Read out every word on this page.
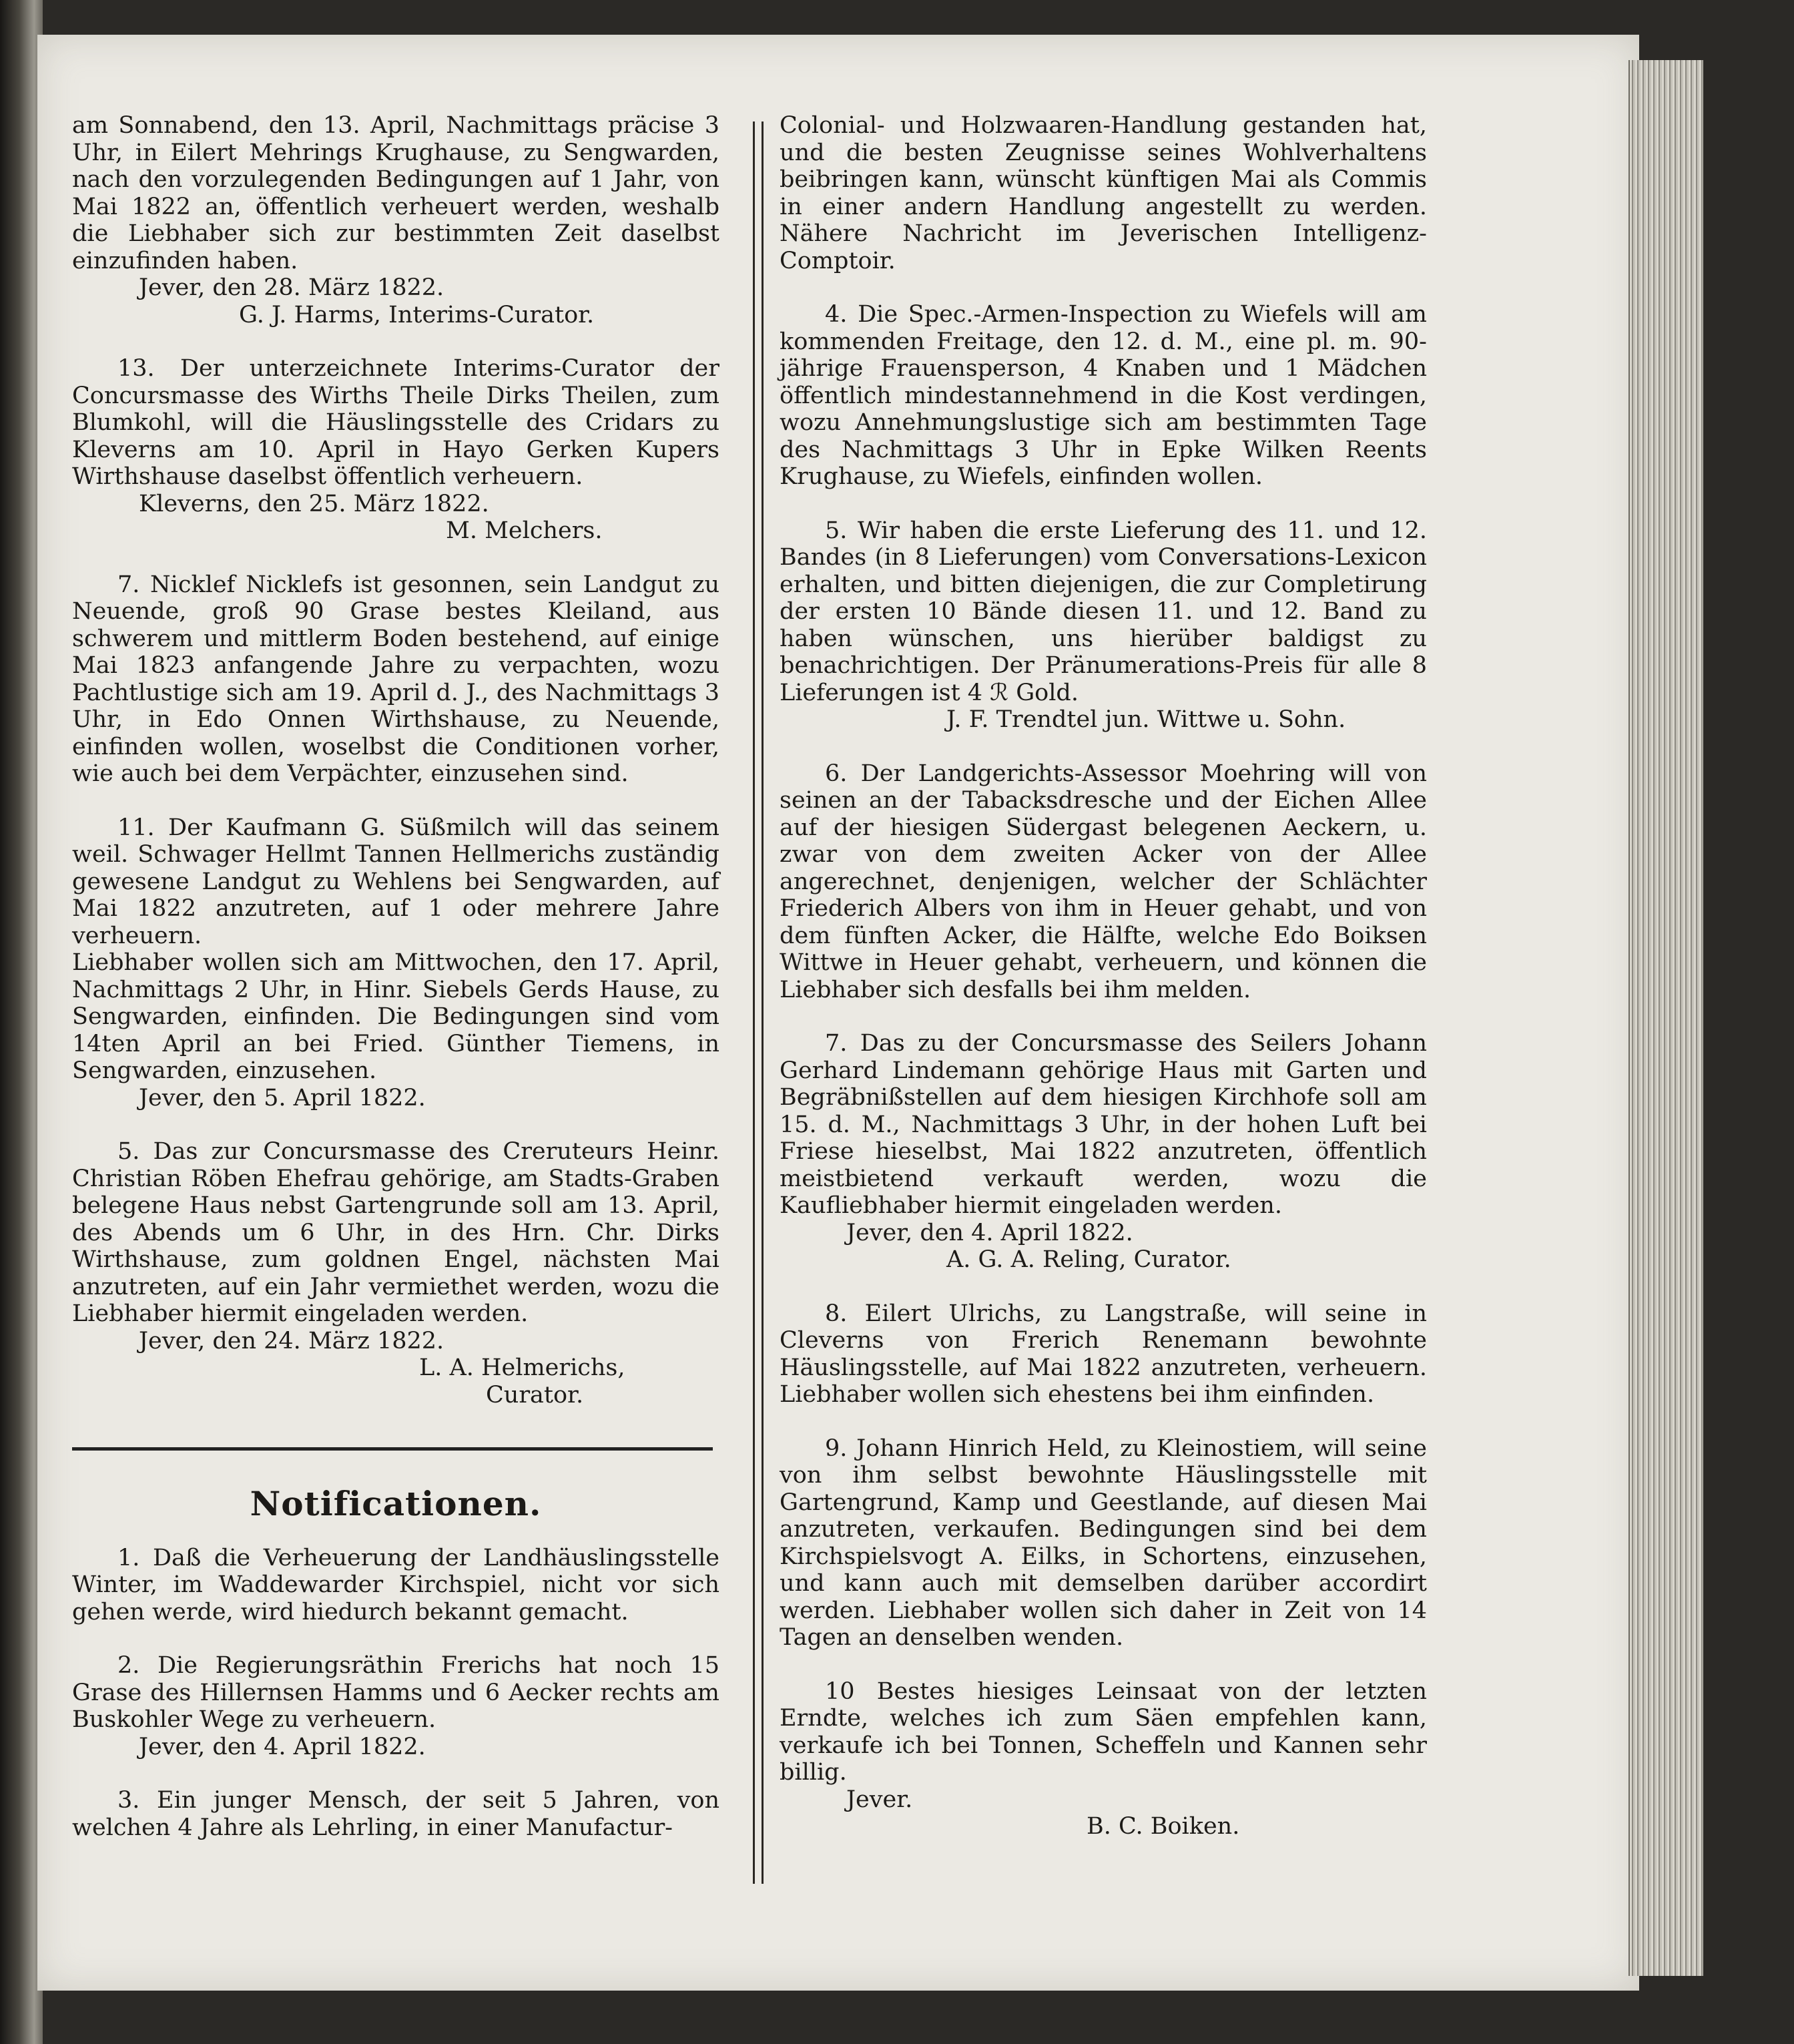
am Sonnabend, den 13. April, Nachmittags präcise 3 Uhr, in Eilert Mehrings Krughause, zu Sengwarden, nach den vorzulegenden Bedingungen auf 1 Jahr, von Mai 1822 an, öffentlich verheuert werden, weshalb die Liebhaber sich zur bestimmten Zeit daselbst einzufinden haben.

Jever, den 28. März 1822.

G. J. Harms, Interims-Curator.

13. Der unterzeichnete Interims-Curator der Concursmasse des Wirths Theile Dirks Theilen, zum Blumkohl, will die Häuslingsstelle des Cridars zu Kleverns am 10. April in Hayo Gerken Kupers Wirthshause daselbst öffentlich verheuern.

Kleverns, den 25. März 1822.

M. Melchers.

7. Nicklef Nicklefs ist gesonnen, sein Landgut zu Neuende, groß 90 Grase bestes Kleiland, aus schwerem und mittlerm Boden bestehend, auf einige Mai 1823 anfangende Jahre zu verpachten, wozu Pachtlustige sich am 19. April d. J., des Nachmittags 3 Uhr, in Edo Onnen Wirthshause, zu Neuende, einfinden wollen, woselbst die Conditionen vorher, wie auch bei dem Verpächter, einzusehen sind.

11. Der Kaufmann G. Süßmilch will das seinem weil. Schwager Hellmt Tannen Hellmerichs zuständig gewesene Landgut zu Wehlens bei Sengwarden, auf Mai 1822 anzutreten, auf 1 oder mehrere Jahre verheuern.

Liebhaber wollen sich am Mittwochen, den 17. April, Nachmittags 2 Uhr, in Hinr. Siebels Gerds Hause, zu Sengwarden, einfinden. Die Bedingungen sind vom 14ten April an bei Fried. Günther Tiemens, in Sengwarden, einzusehen.

Jever, den 5. April 1822.

5. Das zur Concursmasse des Creruteurs Heinr. Christian Röben Ehefrau gehörige, am Stadts-Graben belegene Haus nebst Gartengrunde soll am 13. April, des Abends um 6 Uhr, in des Hrn. Chr. Dirks Wirthshause, zum goldnen Engel, nächsten Mai anzutreten, auf ein Jahr vermiethet werden, wozu die Liebhaber hiermit eingeladen werden.

Jever, den 24. März 1822.

L. A. Helmerichs,

Curator.

Notificationen.

1. Daß die Verheuerung der Landhäuslingsstelle Winter, im Waddewarder Kirchspiel, nicht vor sich gehen werde, wird hiedurch bekannt gemacht.

2. Die Regierungsräthin Frerichs hat noch 15 Grase des Hillernsen Hamms und 6 Aecker rechts am Buskohler Wege zu verheuern.

Jever, den 4. April 1822.

3. Ein junger Mensch, der seit 5 Jahren, von welchen 4 Jahre als Lehrling, in einer Manufactur-

Colonial- und Holzwaaren-Handlung gestanden hat, und die besten Zeugnisse seines Wohlverhaltens beibringen kann, wünscht künftigen Mai als Commis in einer andern Handlung angestellt zu werden. Nähere Nachricht im Jeverischen Intelligenz-Comptoir.

4. Die Spec.-Armen-Inspection zu Wiefels will am kommenden Freitage, den 12. d. M., eine pl. m. 90-jährige Frauensperson, 4 Knaben und 1 Mädchen öffentlich mindestannehmend in die Kost verdingen, wozu Annehmungslustige sich am bestimmten Tage des Nachmittags 3 Uhr in Epke Wilken Reents Krughause, zu Wiefels, einfinden wollen.

5. Wir haben die erste Lieferung des 11. und 12. Bandes (in 8 Lieferungen) vom Conversations-Lexicon erhalten, und bitten diejenigen, die zur Completirung der ersten 10 Bände diesen 11. und 12. Band zu haben wünschen, uns hierüber baldigst zu benachrichtigen. Der Pränumerations-Preis für alle 8 Lieferungen ist 4 ℛ Gold.

J. F. Trendtel jun. Wittwe u. Sohn.

6. Der Landgerichts-Assessor Moehring will von seinen an der Tabacksdresche und der Eichen Allee auf der hiesigen Südergast belegenen Aeckern, u. zwar von dem zweiten Acker von der Allee angerechnet, denjenigen, welcher der Schlächter Friederich Albers von ihm in Heuer gehabt, und von dem fünften Acker, die Hälfte, welche Edo Boiksen Wittwe in Heuer gehabt, verheuern, und können die Liebhaber sich desfalls bei ihm melden.

7. Das zu der Concursmasse des Seilers Johann Gerhard Lindemann gehörige Haus mit Garten und Begräbnißstellen auf dem hiesigen Kirchhofe soll am 15. d. M., Nachmittags 3 Uhr, in der hohen Luft bei Friese hieselbst, Mai 1822 anzutreten, öffentlich meistbietend verkauft werden, wozu die Kaufliebhaber hiermit eingeladen werden.

Jever, den 4. April 1822.

A. G. A. Reling, Curator.

8. Eilert Ulrichs, zu Langstraße, will seine in Cleverns von Frerich Renemann bewohnte Häuslingsstelle, auf Mai 1822 anzutreten, verheuern. Liebhaber wollen sich ehestens bei ihm einfinden.

9. Johann Hinrich Held, zu Kleinostiem, will seine von ihm selbst bewohnte Häuslingsstelle mit Gartengrund, Kamp und Geestlande, auf diesen Mai anzutreten, verkaufen. Bedingungen sind bei dem Kirchspielsvogt A. Eilks, in Schortens, einzusehen, und kann auch mit demselben darüber accordirt werden. Liebhaber wollen sich daher in Zeit von 14 Tagen an denselben wenden.

10 Bestes hiesiges Leinsaat von der letzten Erndte, welches ich zum Säen empfehlen kann, verkaufe ich bei Tonnen, Scheffeln und Kannen sehr billig.

Jever.

B. C. Boiken.
